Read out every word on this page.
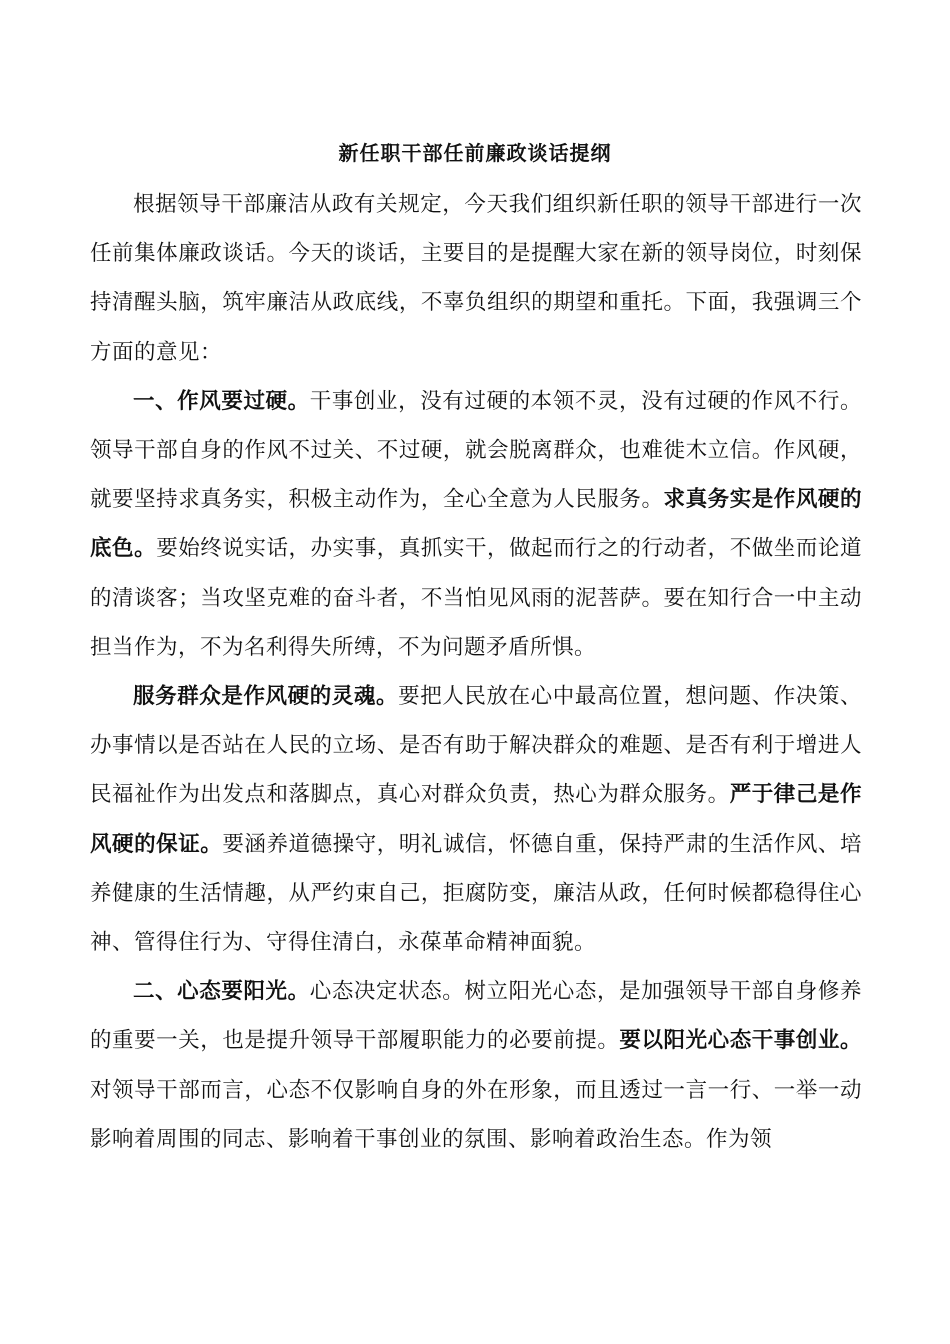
新任职干部任前廉政谈话提纲

根据领导干部廉洁从政有关规定，今天我们组织新任职的领导干部进行一次任前集体廉政谈话。今天的谈话，主要目的是提醒大家在新的领导岗位，时刻保持清醒头脑，筑牢廉洁从政底线，不辜负组织的期望和重托。下面，我强调三个方面的意见：

一、作风要过硬。干事创业，没有过硬的本领不灵，没有过硬的作风不行。领导干部自身的作风不过关、不过硬，就会脱离群众，也难徙木立信。作风硬，就要坚持求真务实，积极主动作为，全心全意为人民服务。求真务实是作风硬的底色。要始终说实话，办实事，真抓实干，做起而行之的行动者，不做坐而论道的清谈客；当攻坚克难的奋斗者，不当怕见风雨的泥菩萨。要在知行合一中主动担当作为，不为名利得失所缚，不为问题矛盾所惧。

服务群众是作风硬的灵魂。要把人民放在心中最高位置，想问题、作决策、办事情以是否站在人民的立场、是否有助于解决群众的难题、是否有利于增进人民福祉作为出发点和落脚点，真心对群众负责，热心为群众服务。严于律己是作风硬的保证。要涵养道德操守，明礼诚信，怀德自重，保持严肃的生活作风、培养健康的生活情趣，从严约束自己，拒腐防变，廉洁从政，任何时候都稳得住心神、管得住行为、守得住清白，永葆革命精神面貌。

二、心态要阳光。心态决定状态。树立阳光心态，是加强领导干部自身修养的重要一关，也是提升领导干部履职能力的必要前提。要以阳光心态干事创业。对领导干部而言，心态不仅影响自身的外在形象，而且透过一言一行、一举一动影响着周围的同志、影响着干事创业的氛围、影响着政治生态。作为领
